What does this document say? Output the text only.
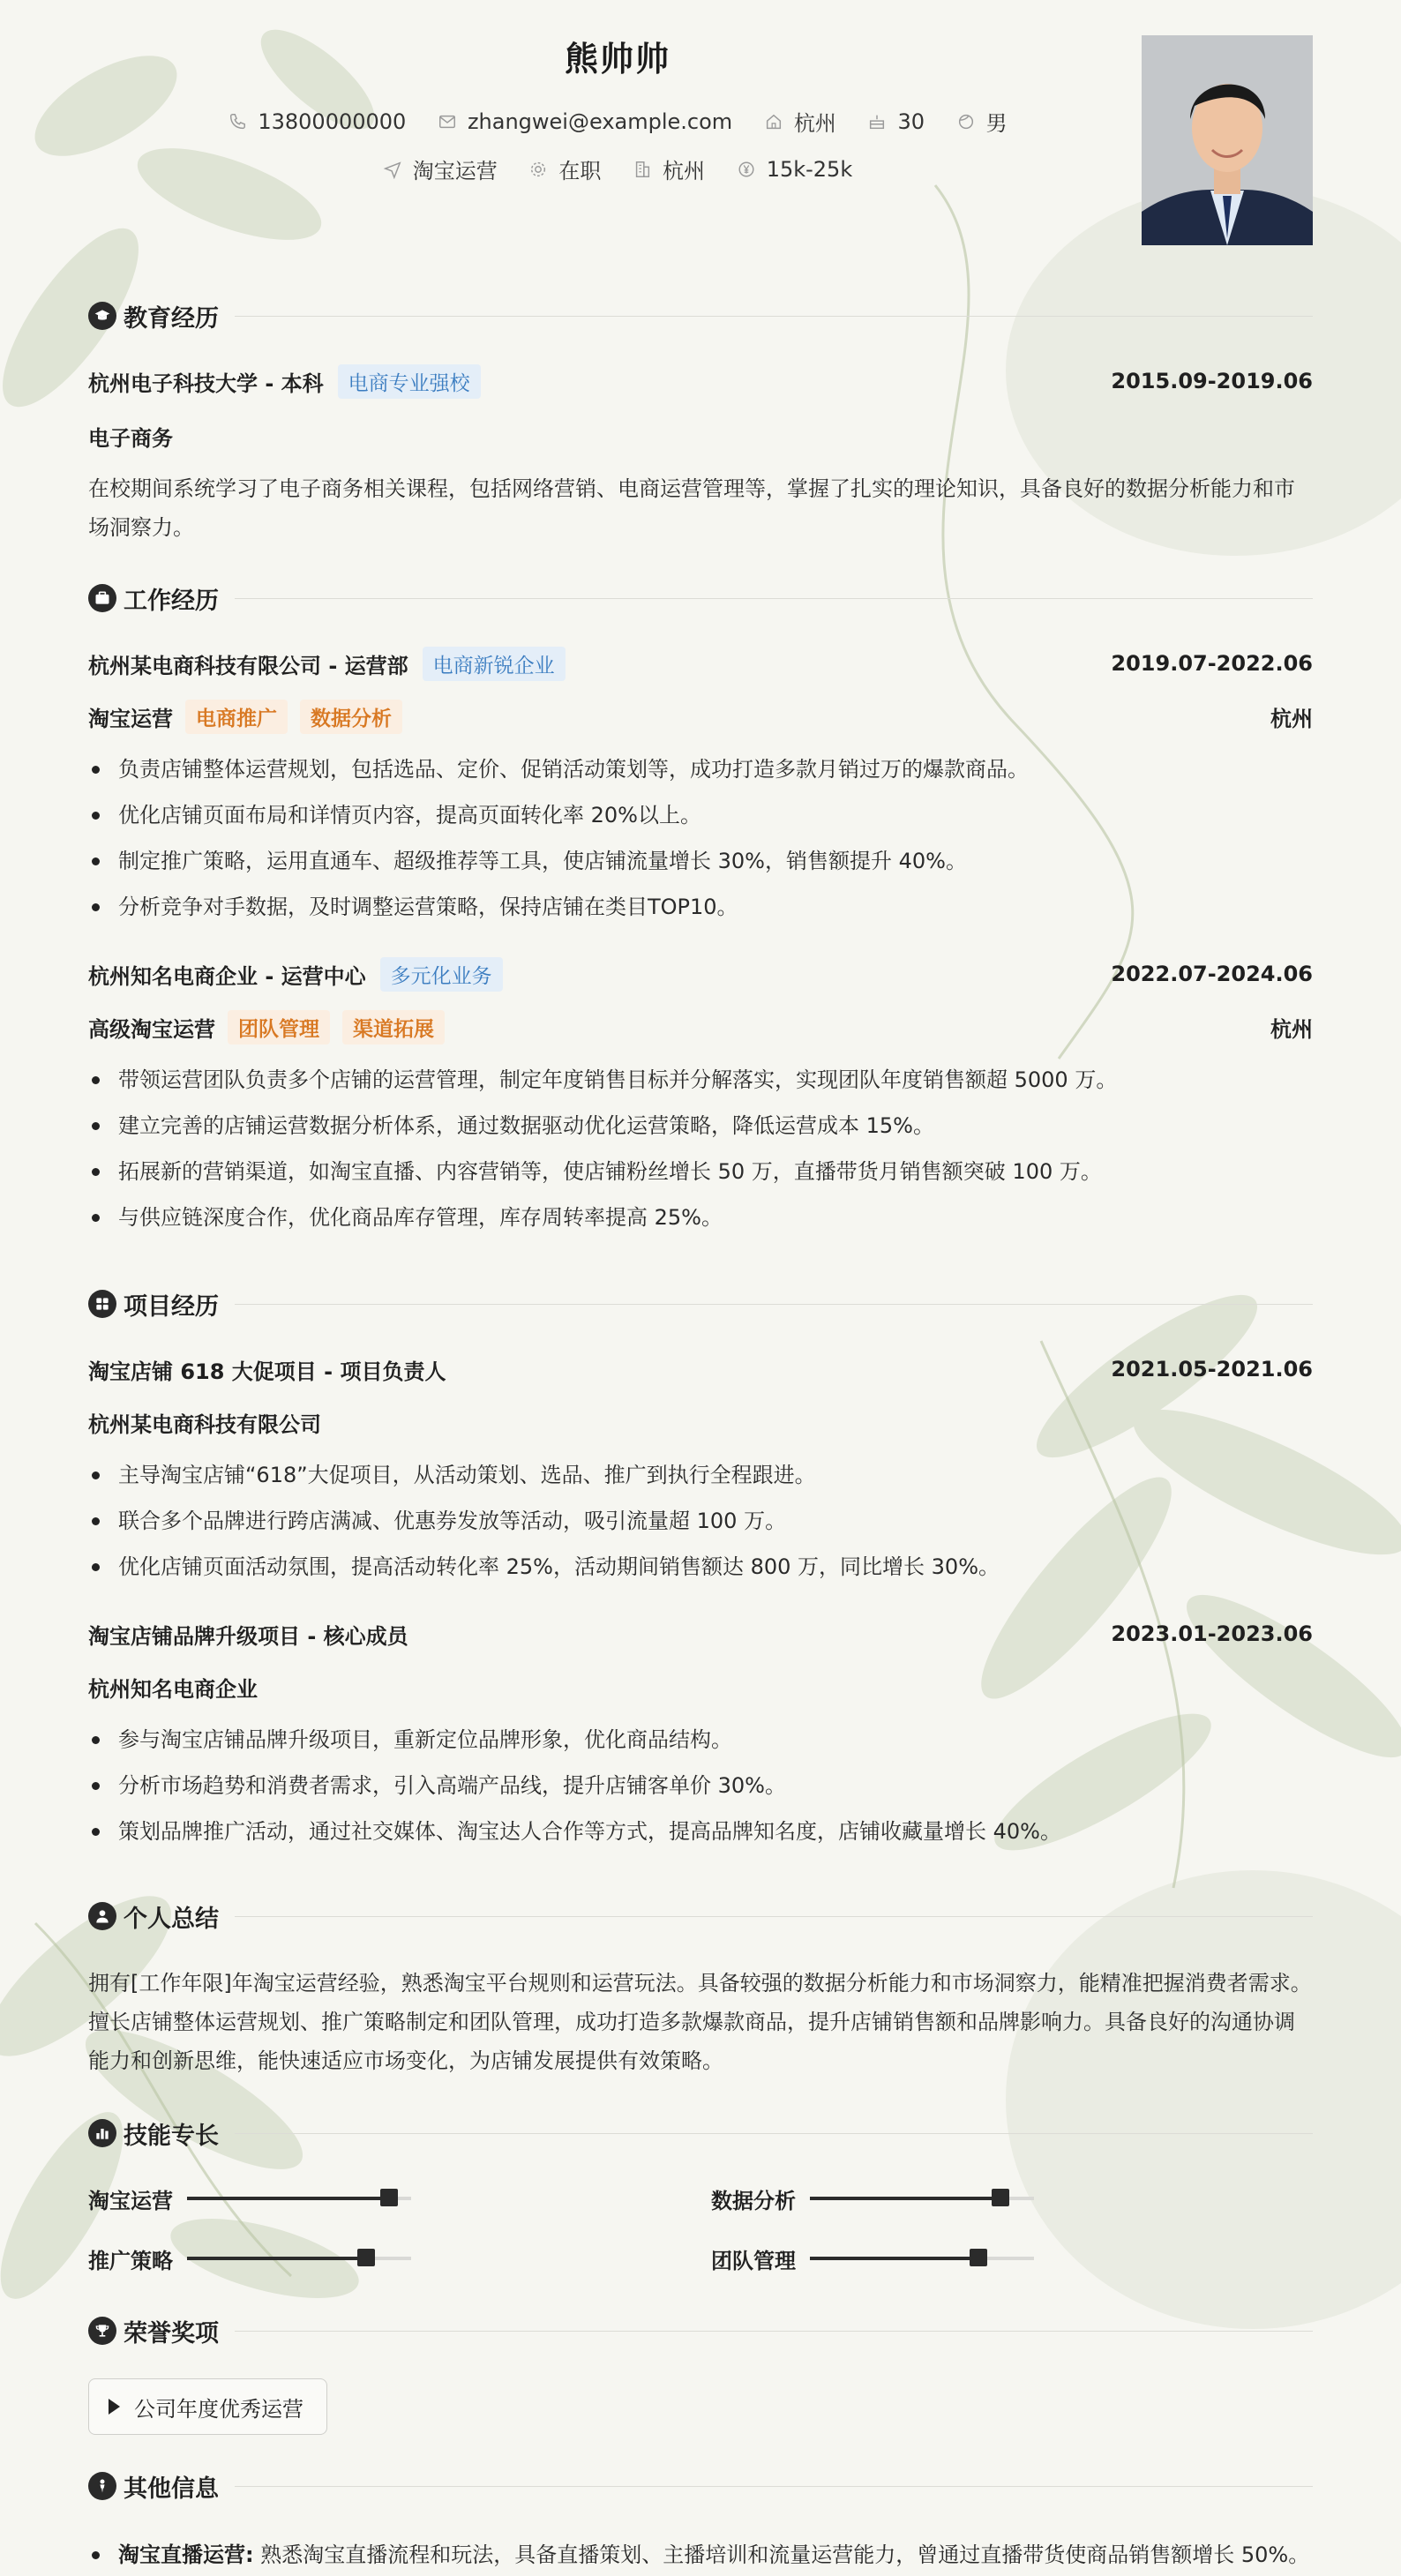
熊帅帅
13800000000
	zhangwei@example.com
	杭州
	30
	男
淘宝运营
	在职
	杭州
	15k-25k
教育经历
杭州电子科技大学 - 本科	电商专业强校	2015.09-2019.06
电子商务
在校期间系统学习了电子商务相关课程，包括网络营销、电商运营管理等，掌握了扎实的理论知识，具备良好的数据分析能力和市场洞察力。
工作经历
杭州某电商科技有限公司 - 运营部	电商新锐企业	2019.07-2022.06
淘宝运营	电商推广	数据分析	杭州
负责店铺整体运营规划，包括选品、定价、促销活动策划等，成功打造多款月销过万的爆款商品。
优化店铺页面布局和详情页内容，提高页面转化率 20%以上。
制定推广策略，运用直通车、超级推荐等工具，使店铺流量增长 30%，销售额提升 40%。
分析竞争对手数据，及时调整运营策略，保持店铺在类目TOP10。
杭州知名电商企业 - 运营中心	多元化业务	2022.07-2024.06
高级淘宝运营	团队管理	渠道拓展	杭州
带领运营团队负责多个店铺的运营管理，制定年度销售目标并分解落实，实现团队年度销售额超 5000 万。
建立完善的店铺运营数据分析体系，通过数据驱动优化运营策略，降低运营成本 15%。
拓展新的营销渠道，如淘宝直播、内容营销等，使店铺粉丝增长 50 万，直播带货月销售额突破 100 万。
与供应链深度合作，优化商品库存管理，库存周转率提高 25%。
项目经历
淘宝店铺 618 大促项目 - 项目负责人	2021.05-2021.06
杭州某电商科技有限公司
主导淘宝店铺“618”大促项目，从活动策划、选品、推广到执行全程跟进。
联合多个品牌进行跨店满减、优惠券发放等活动，吸引流量超 100 万。
优化店铺页面活动氛围，提高活动转化率 25%，活动期间销售额达 800 万，同比增长 30%。
淘宝店铺品牌升级项目 - 核心成员	2023.01-2023.06
杭州知名电商企业
参与淘宝店铺品牌升级项目，重新定位品牌形象，优化商品结构。
分析市场趋势和消费者需求，引入高端产品线，提升店铺客单价 30%。
策划品牌推广活动，通过社交媒体、淘宝达人合作等方式，提高品牌知名度，店铺收藏量增长 40%。
个人总结
拥有[工作年限]年淘宝运营经验，熟悉淘宝平台规则和运营玩法。具备较强的数据分析能力和市场洞察力，能精准把握消费者需求。擅长店铺整体运营规划、推广策略制定和团队管理，成功打造多款爆款商品，提升店铺销售额和品牌影响力。具备良好的沟通协调能力和创新思维，能快速适应市场变化，为店铺发展提供有效策略。
技能专长
淘宝运营	数据分析
推广策略	团队管理
荣誉奖项
公司年度优秀运营
其他信息
淘宝直播运营: 熟悉淘宝直播流程和玩法，具备直播策划、主播培训和流量运营能力，曾通过直播带货使商品销售额增长 50%。
